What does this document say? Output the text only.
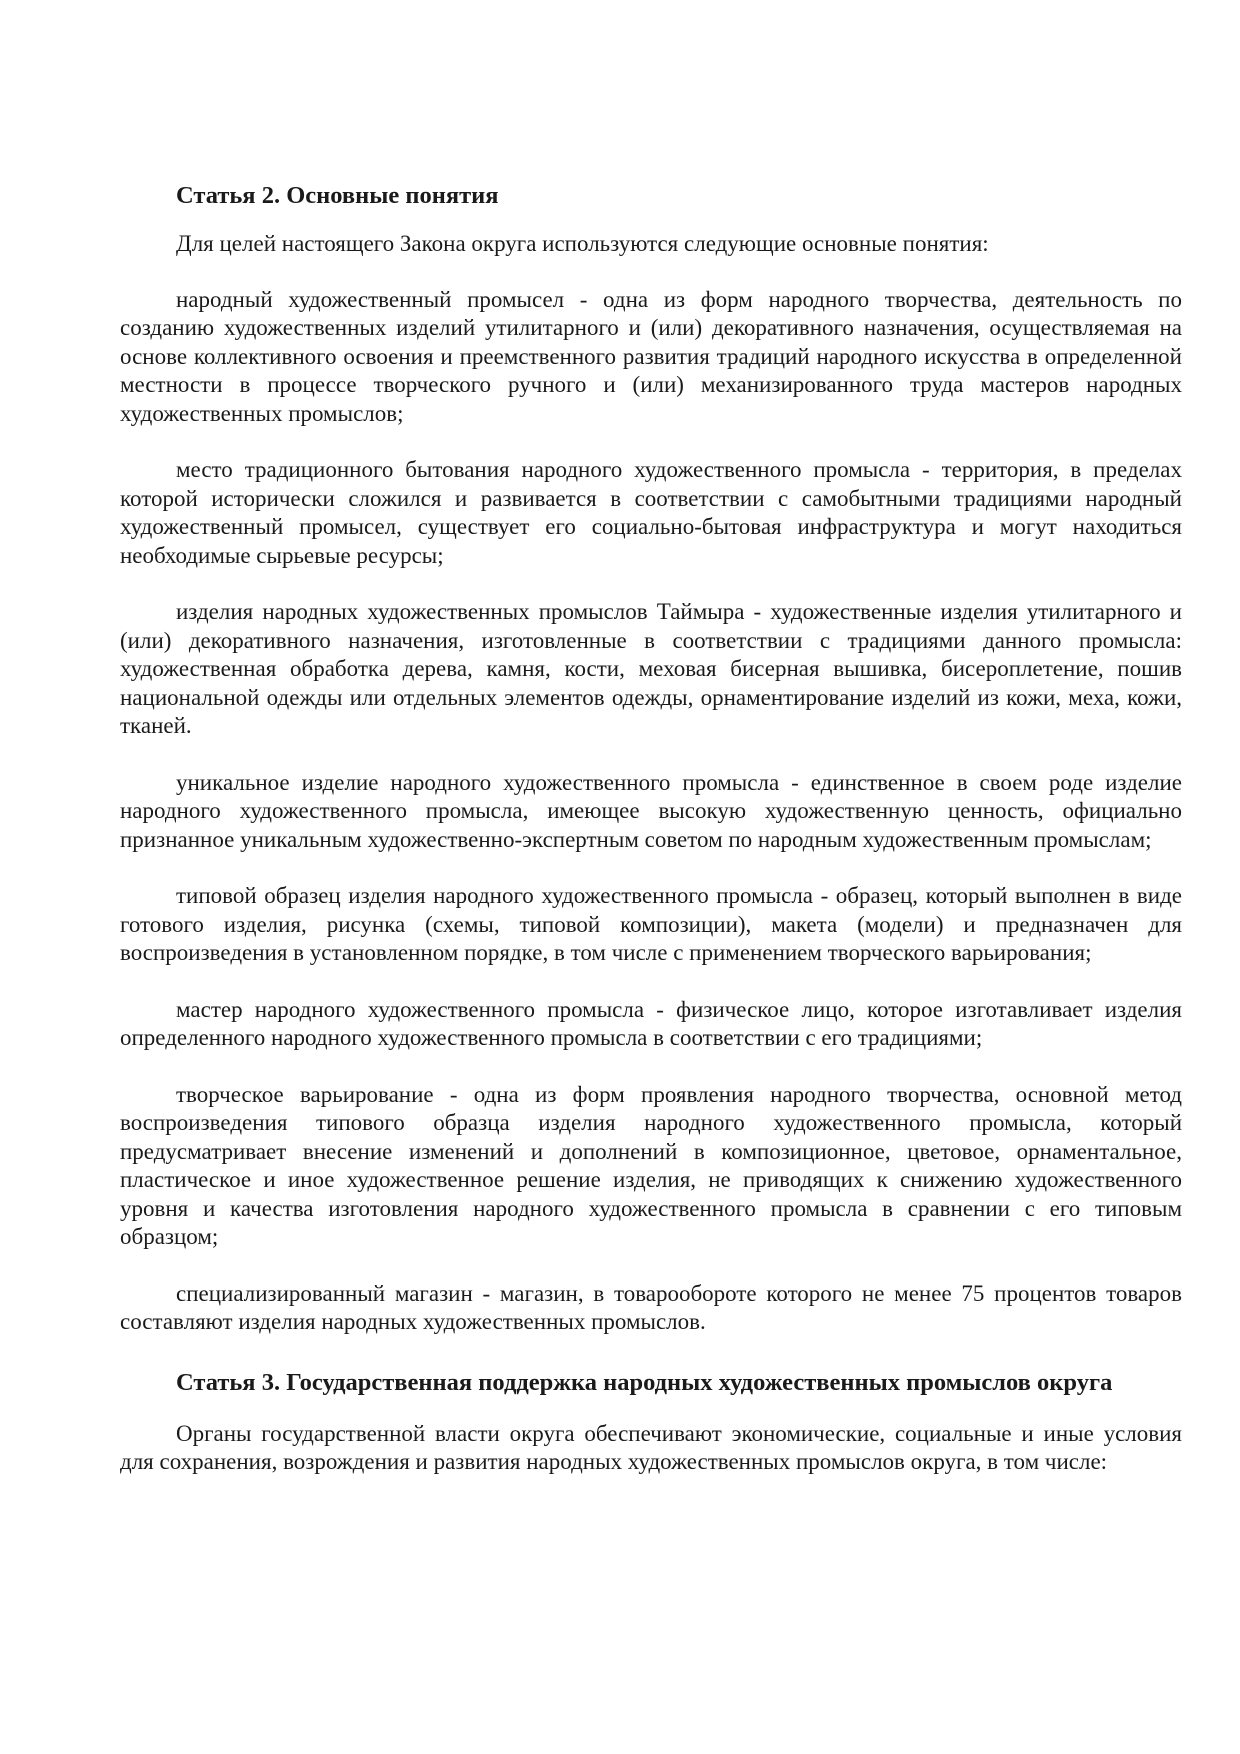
Статья 2. Основные понятия

Для целей настоящего Закона округа используются следующие основные понятия:

народный художественный промысел - одна из форм народного творчества, деятельность по созданию художественных изделий утилитарного и (или) декоративного назначения, осуществляемая на основе коллективного освоения и преемственного развития традиций народного искусства в определенной местности в процессе творческого ручного и (или) механизированного труда мастеров народных художественных промыслов;

место традиционного бытования народного художественного промысла - территория, в пределах которой исторически сложился и развивается в соответствии с самобытными традициями народный художественный промысел, существует его социально-бытовая инфраструктура и могут находиться необходимые сырьевые ресурсы;

изделия народных художественных промыслов Таймыра - художественные изделия утилитарного и (или) декоративного назначения, изготовленные в соответствии с традициями данного промысла: художественная обработка дерева, камня, кости, меховая бисерная вышивка, бисероплетение, пошив национальной одежды или отдельных элементов одежды, орнаментирование изделий из кожи, меха, кожи, тканей.

уникальное изделие народного художественного промысла - единственное в своем роде изделие народного художественного промысла, имеющее высокую художественную ценность, официально признанное уникальным художественно-экспертным советом по народным художественным промыслам;

типовой образец изделия народного художественного промысла - образец, который выполнен в виде готового изделия, рисунка (схемы, типовой композиции), макета (модели) и предназначен для воспроизведения в установленном порядке, в том числе с применением творческого варьирования;

мастер народного художественного промысла - физическое лицо, которое изготавливает изделия определенного народного художественного промысла в соответствии с его традициями;

творческое варьирование - одна из форм проявления народного творчества, основной метод воспроизведения типового образца изделия народного художественного промысла, который предусматривает внесение изменений и дополнений в композиционное, цветовое, орнаментальное, пластическое и иное художественное решение изделия, не приводящих к снижению художественного уровня и качества изготовления народного художественного промысла в сравнении с его типовым образцом;

специализированный магазин - магазин, в товарообороте которого не менее 75 процентов товаров составляют изделия народных художественных промыслов.

Статья 3. Государственная поддержка народных художественных промыслов округа

Органы государственной власти округа обеспечивают экономические, социальные и иные условия для сохранения, возрождения и развития народных художественных промыслов округа, в том числе:
